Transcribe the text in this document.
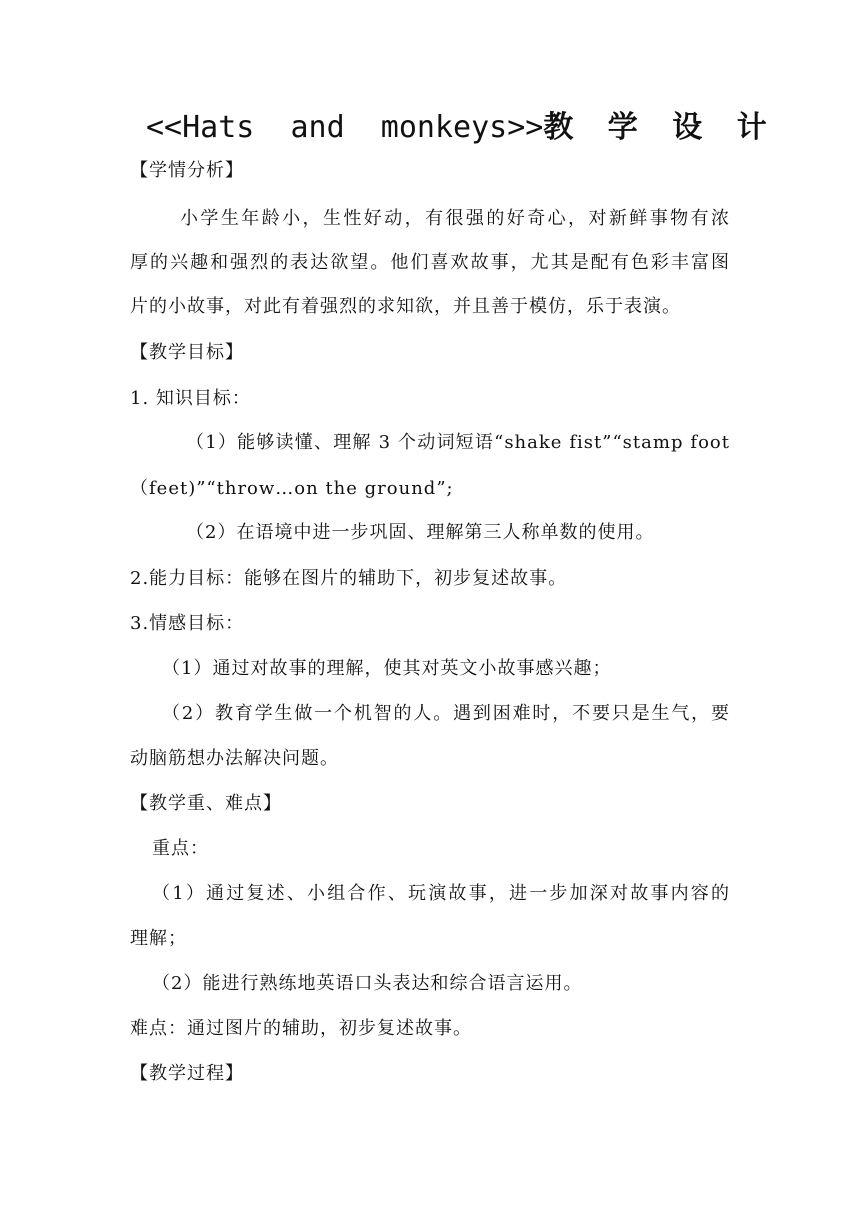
<<Hats  and  monkeys>>教 学 设 计
【学情分析】
小学生年龄小，生性好动，有很强的好奇心，对新鲜事物有浓
厚的兴趣和强烈的表达欲望。他们喜欢故事，尤其是配有色彩丰富图
片的小故事，对此有着强烈的求知欲，并且善于模仿，乐于表演。
【教学目标】
1. 知识目标：
（1）能够读懂、理解 3 个动词短语“shake fist”“stamp foot
（feet)”“throw…on the ground”;
（2）在语境中进一步巩固、理解第三人称单数的使用。
2.能力目标：能够在图片的辅助下，初步复述故事。
3.情感目标：
（1）通过对故事的理解，使其对英文小故事感兴趣；
（2）教育学生做一个机智的人。遇到困难时，不要只是生气，要
动脑筋想办法解决问题。
【教学重、难点】
重点：
（1）通过复述、小组合作、玩演故事，进一步加深对故事内容的
理解；
（2）能进行熟练地英语口头表达和综合语言运用。
难点：通过图片的辅助，初步复述故事。
【教学过程】
